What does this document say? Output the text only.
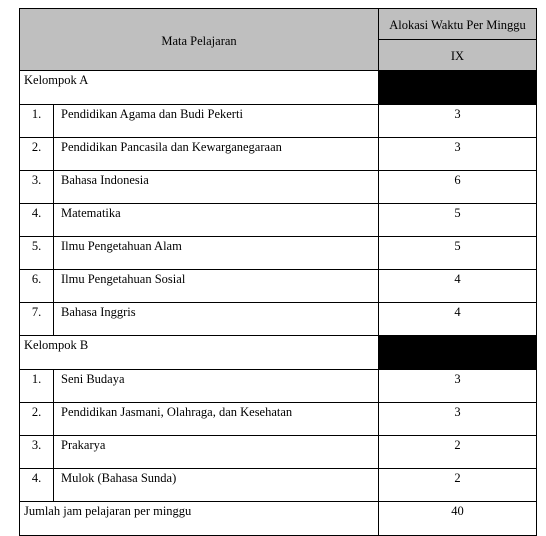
Mata Pelajaran		Alokasi Waktu Per Minggu

		IX

Kelompok A		
1.	Pendidikan Agama dan Budi Pekerti	3
2.	Pendidikan Pancasila dan Kewarganegaraan	3
3.	Bahasa Indonesia	6
4.	Matematika	5
5.	Ilmu Pengetahuan Alam	5
6.	Ilmu Pengetahuan Sosial	4
7.	Bahasa Inggris	4
Kelompok B		
1.	Seni Budaya	3
2.	Pendidikan Jasmani, Olahraga, dan Kesehatan	3
3.	Prakarya	2
4.	Mulok (Bahasa Sunda)	2
Jumlah jam pelajaran per minggu		40
